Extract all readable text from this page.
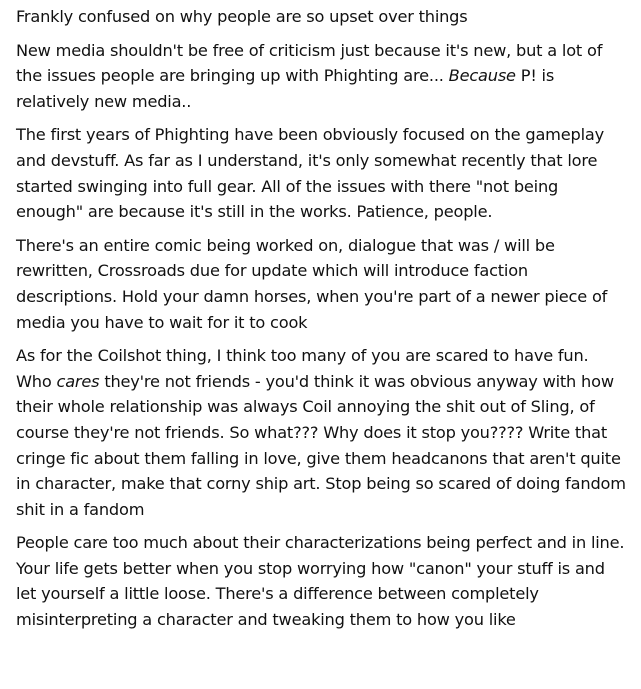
Frankly confused on why people are so upset over things

New media shouldn't be free of criticism just because it's new, but a lot of the issues people are bringing up with Phighting are... Because P! is relatively new media..

The first years of Phighting have been obviously focused on the gameplay and devstuff. As far as I understand, it's only somewhat recently that lore started swinging into full gear. All of the issues with there "not being enough" are because it's still in the works. Patience, people.

There's an entire comic being worked on, dialogue that was / will be rewritten, Crossroads due for update which will introduce faction descriptions. Hold your damn horses, when you're part of a newer piece of media you have to wait for it to cook

As for the Coilshot thing, I think too many of you are scared to have fun. Who cares they're not friends - you'd think it was obvious anyway with how their whole relationship was always Coil annoying the shit out of Sling, of course they're not friends. So what??? Why does it stop you???? Write that cringe fic about them falling in love, give them headcanons that aren't quite in character, make that corny ship art. Stop being so scared of doing fandom shit in a fandom

People care too much about their characterizations being perfect and in line. Your life gets better when you stop worrying how "canon" your stuff is and let yourself a little loose. There's a difference between completely misinterpreting a character and tweaking them to how you like
